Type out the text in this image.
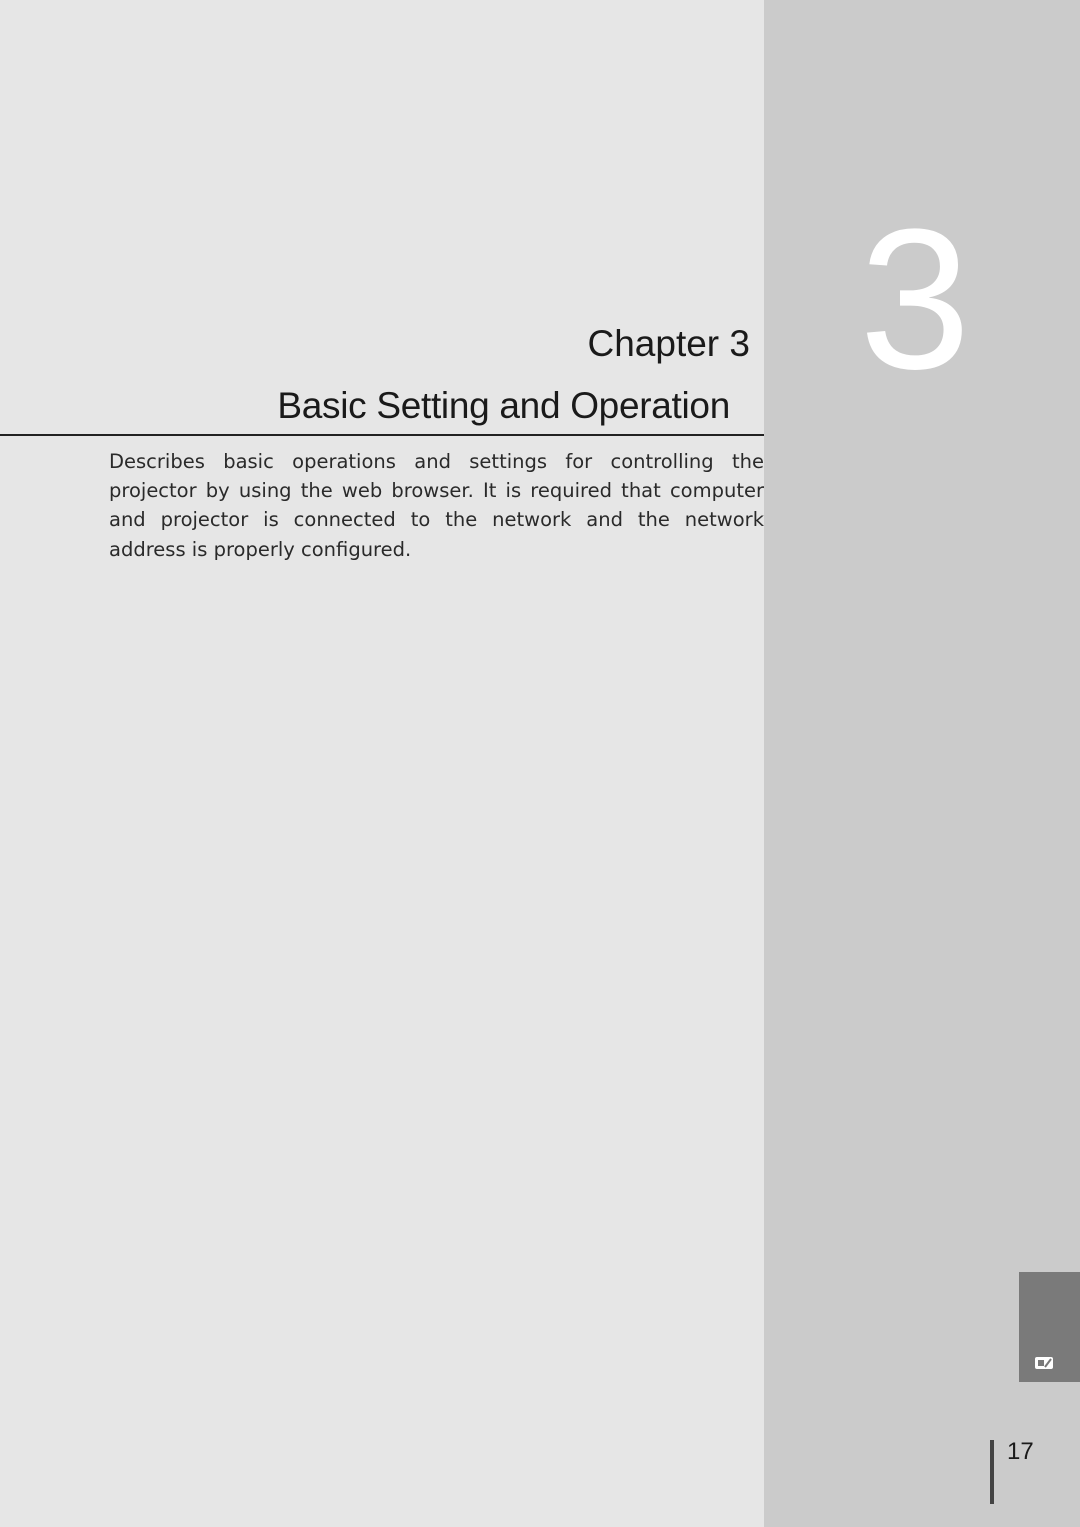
3
Chapter 3
Basic Setting and Operation

Describes basic operations and settings for controlling the projector by using the web browser. It is required that computer and projector is connected to the network and the network address is properly configured.

17
